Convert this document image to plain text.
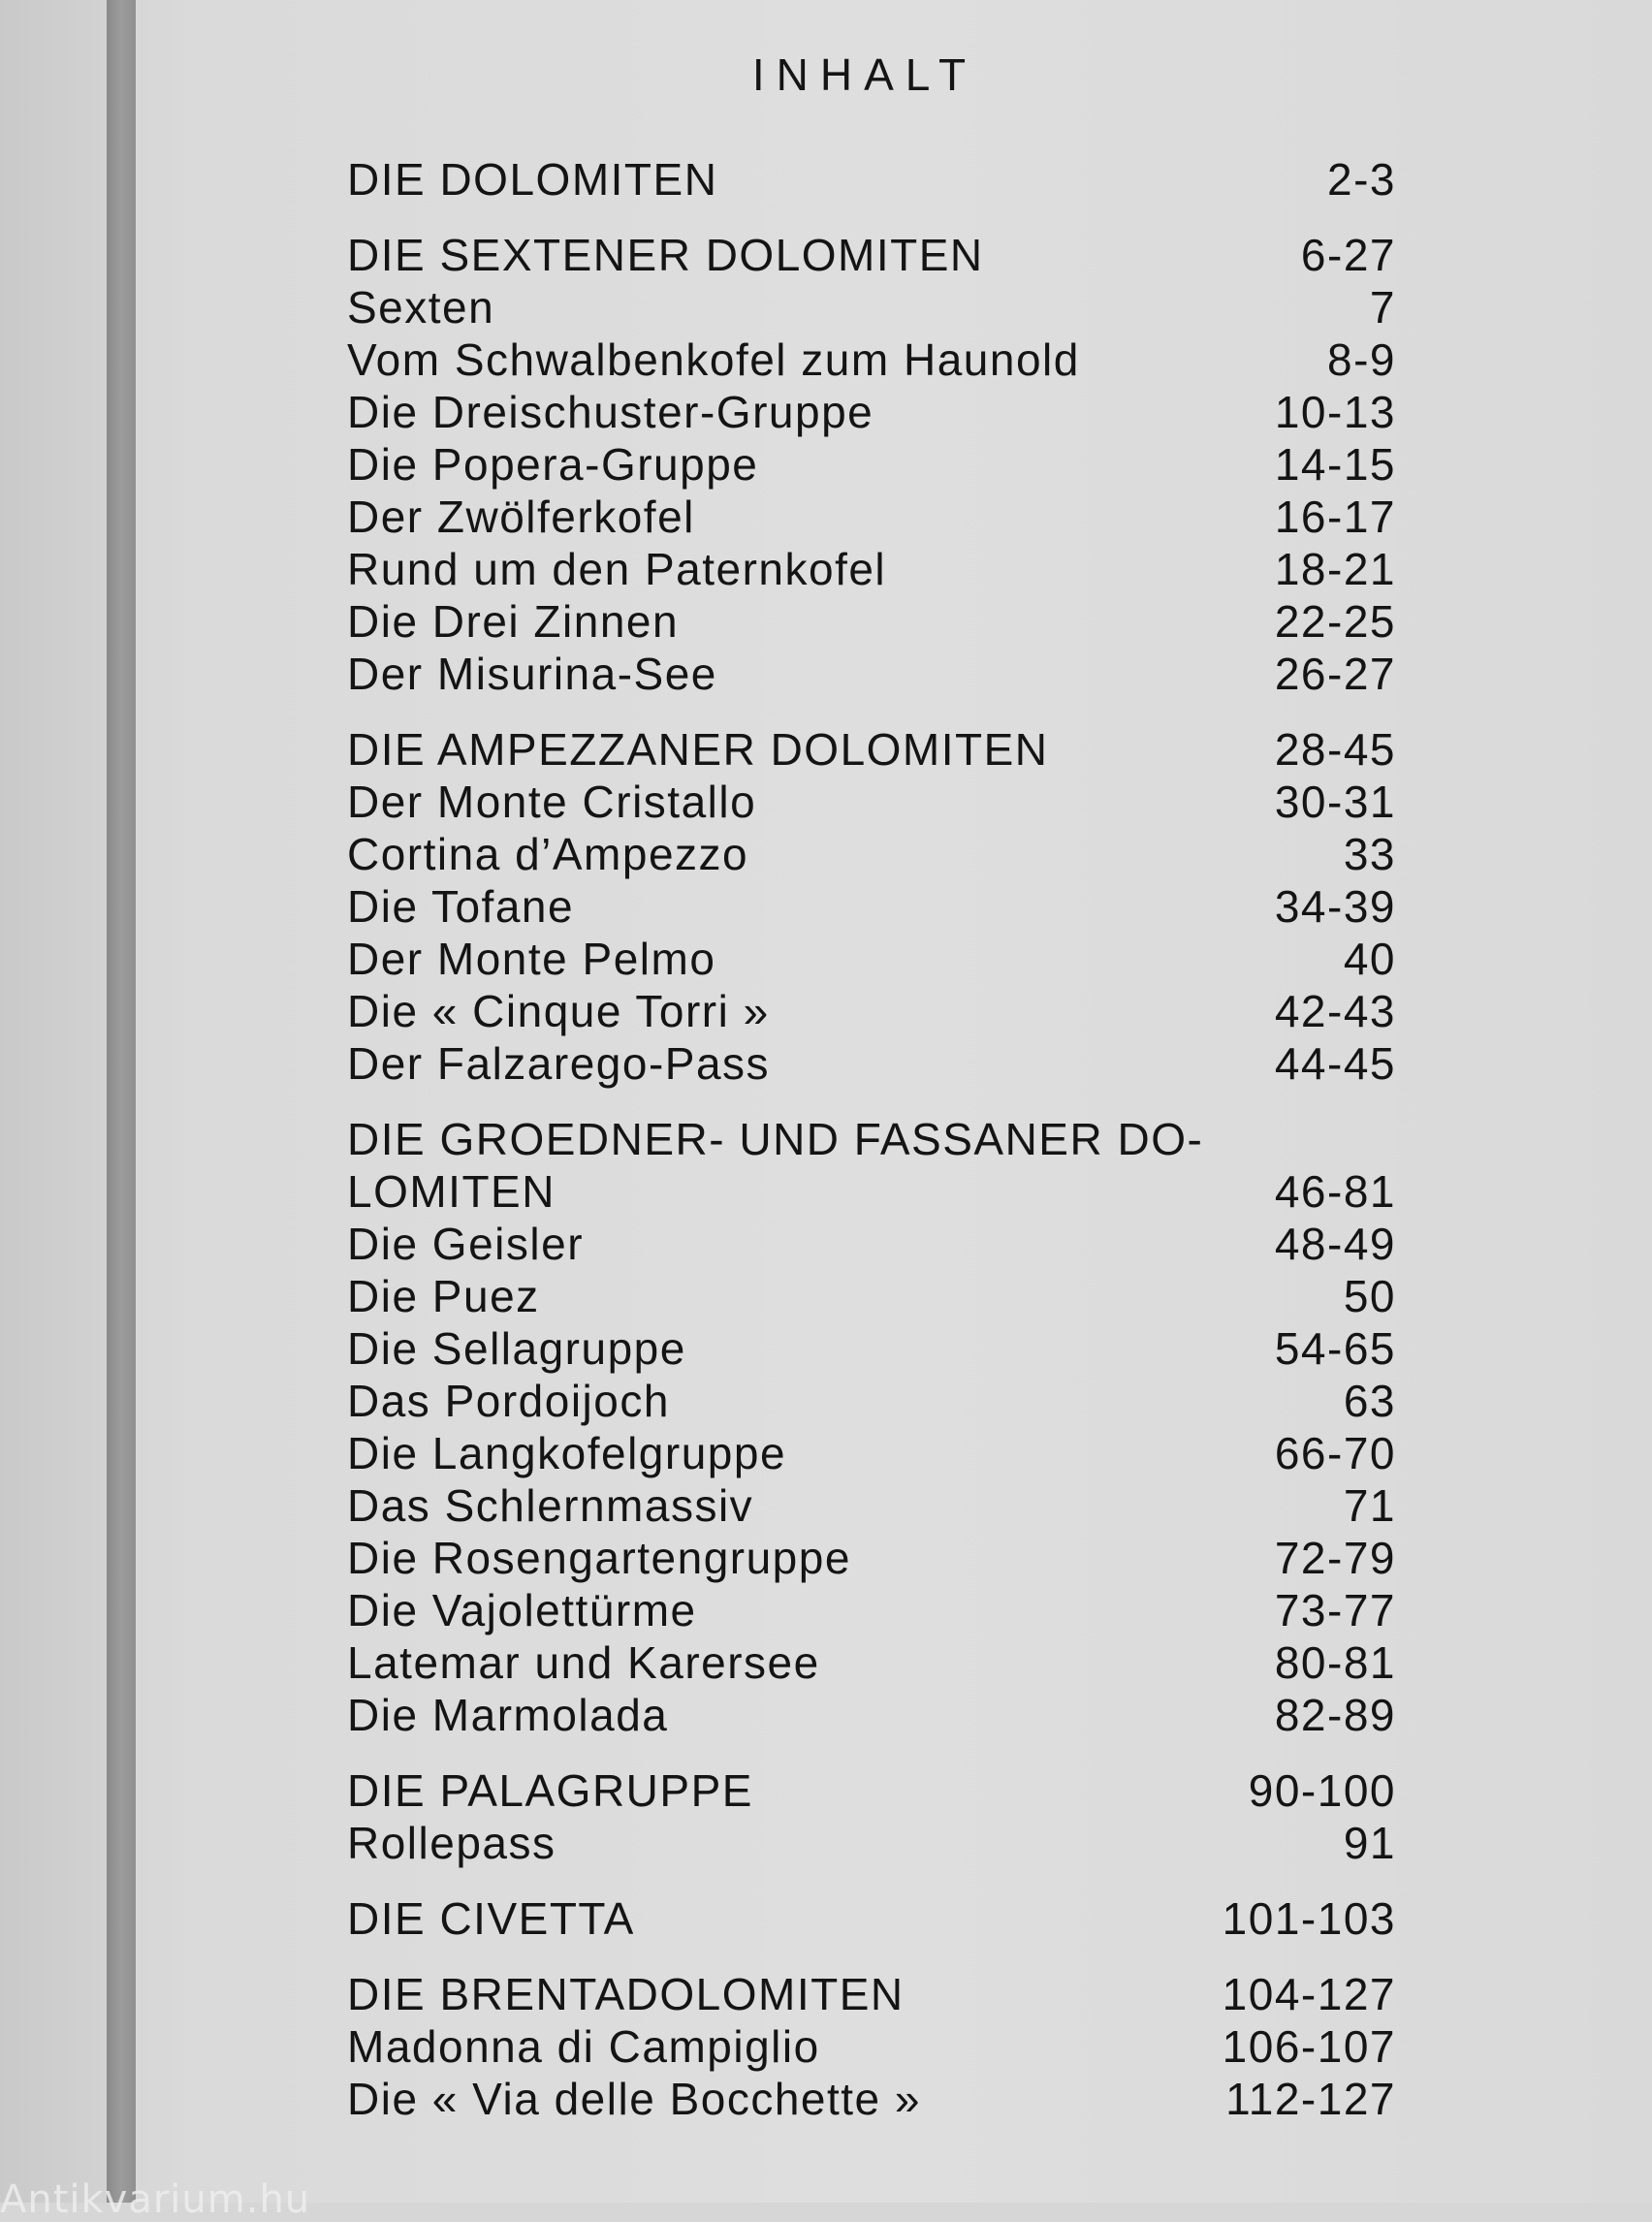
INHALT
DIE DOLOMITEN	2-3
DIE SEXTENER DOLOMITEN	6-27
Sexten	7
Vom Schwalbenkofel zum Haunold	8-9
Die Dreischuster-Gruppe	10-13
Die Popera-Gruppe	14-15
Der Zwölferkofel	16-17
Rund um den Paternkofel	18-21
Die Drei Zinnen	22-25
Der Misurina-See	26-27
DIE AMPEZZANER DOLOMITEN	28-45
Der Monte Cristallo	30-31
Cortina d’Ampezzo	33
Die Tofane	34-39
Der Monte Pelmo	40
Die « Cinque Torri »	42-43
Der Falzarego-Pass	44-45
DIE GROEDNER- UND FASSANER DO-
LOMITEN	46-81
Die Geisler	48-49
Die Puez	50
Die Sellagruppe	54-65
Das Pordoijoch	63
Die Langkofelgruppe	66-70
Das Schlernmassiv	71
Die Rosengartengruppe	72-79
Die Vajolettürme	73-77
Latemar und Karersee	80-81
Die Marmolada	82-89
DIE PALAGRUPPE	90-100
Rollepass	91
DIE CIVETTA	101-103
DIE BRENTADOLOMITEN	104-127
Madonna di Campiglio	106-107
Die « Via delle Bocchette »	112-127
Antikvarium.hu
